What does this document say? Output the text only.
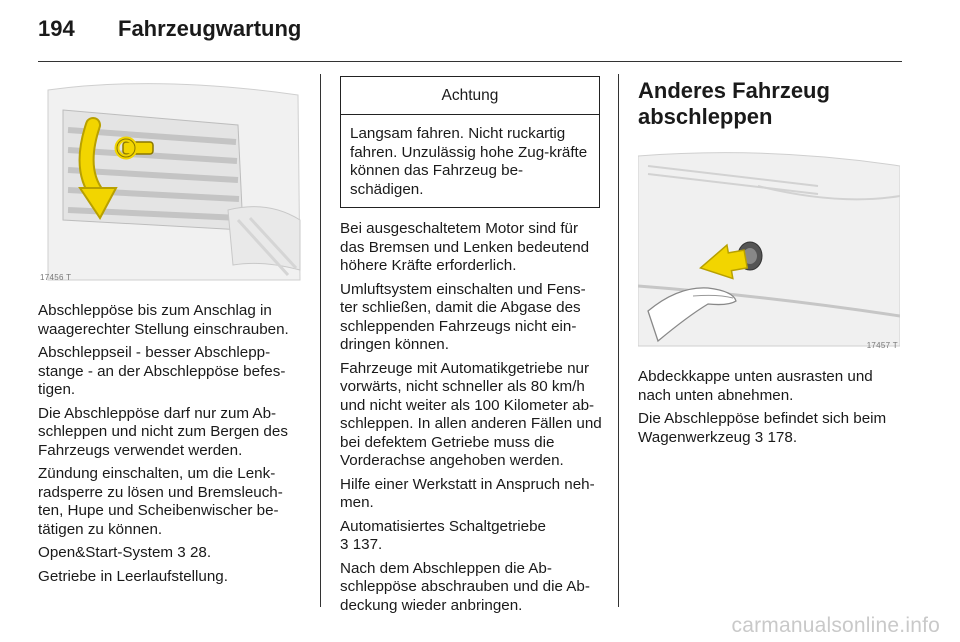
194	Fahrzeugwartung
17456 T

Abschleppöse bis zum Anschlag in waagerechter Stellung einschrauben.

Abschleppseil - besser Abschlepp-stange - an der Abschleppöse befes-tigen.

Die Abschleppöse darf nur zum Ab-schleppen und nicht zum Bergen des Fahrzeugs verwendet werden.

Zündung einschalten, um die Lenk-radsperre zu lösen und Bremsleuch-ten, Hupe und Scheibenwischer be-tätigen zu können.

Open&Start-System 3 28.

Getriebe in Leerlaufstellung.

Achtung
Langsam fahren. Nicht ruckartig fahren. Unzulässig hohe Zug-kräfte können das Fahrzeug be-schädigen.

Bei ausgeschaltetem Motor sind für das Bremsen und Lenken bedeutend höhere Kräfte erforderlich.

Umluftsystem einschalten und Fens-ter schließen, damit die Abgase des schleppenden Fahrzeugs nicht ein-dringen können.

Fahrzeuge mit Automatikgetriebe nur vorwärts, nicht schneller als 80 km/h und nicht weiter als 100 Kilometer ab-schleppen. In allen anderen Fällen und bei defektem Getriebe muss die Vorderachse angehoben werden.

Hilfe einer Werkstatt in Anspruch neh-men.

Automatisiertes Schaltgetriebe
3 137.

Nach dem Abschleppen die Ab-schleppöse abschrauben und die Ab-deckung wieder anbringen.

Anderes Fahrzeug abschleppen
17457 T

Abdeckkappe unten ausrasten und nach unten abnehmen.

Die Abschleppöse befindet sich beim Wagenwerkzeug 3 178.

carmanualsonline.info
